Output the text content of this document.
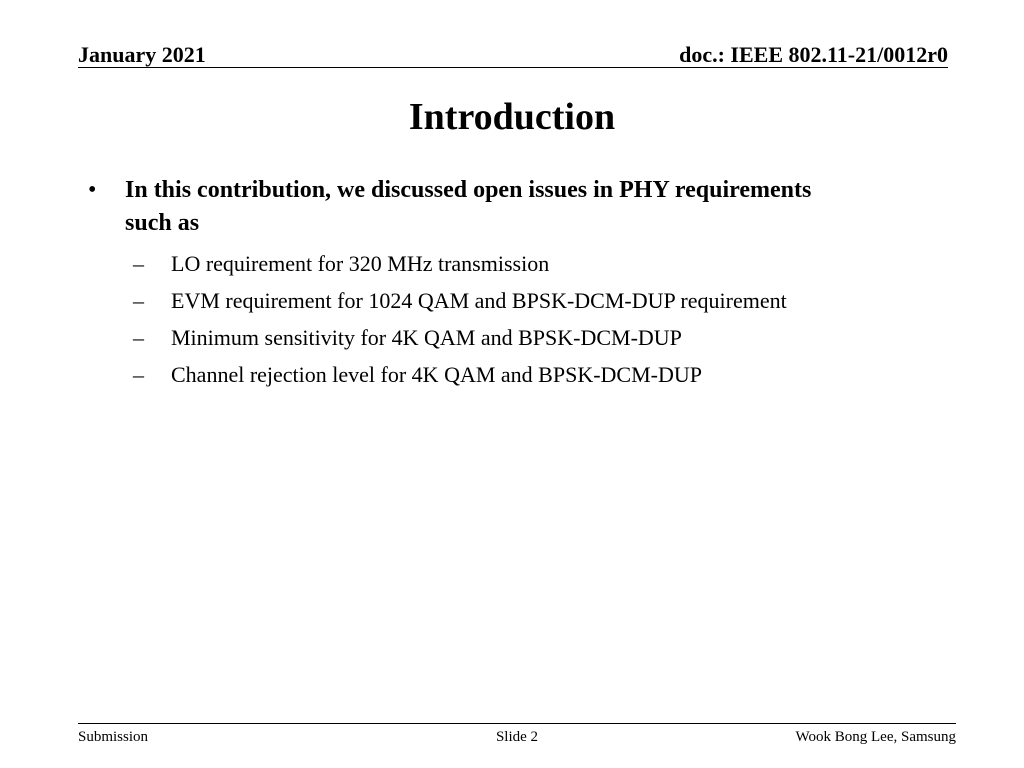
January 2021	doc.: IEEE 802.11-21/0012r0
Introduction
• In this contribution, we discussed open issues in PHY requirements such as
– LO requirement for 320 MHz transmission
– EVM requirement for 1024 QAM and BPSK-DCM-DUP requirement
– Minimum sensitivity for 4K QAM and BPSK-DCM-DUP
– Channel rejection level for 4K QAM and BPSK-DCM-DUP
Submission	Slide 2	Wook Bong Lee, Samsung
